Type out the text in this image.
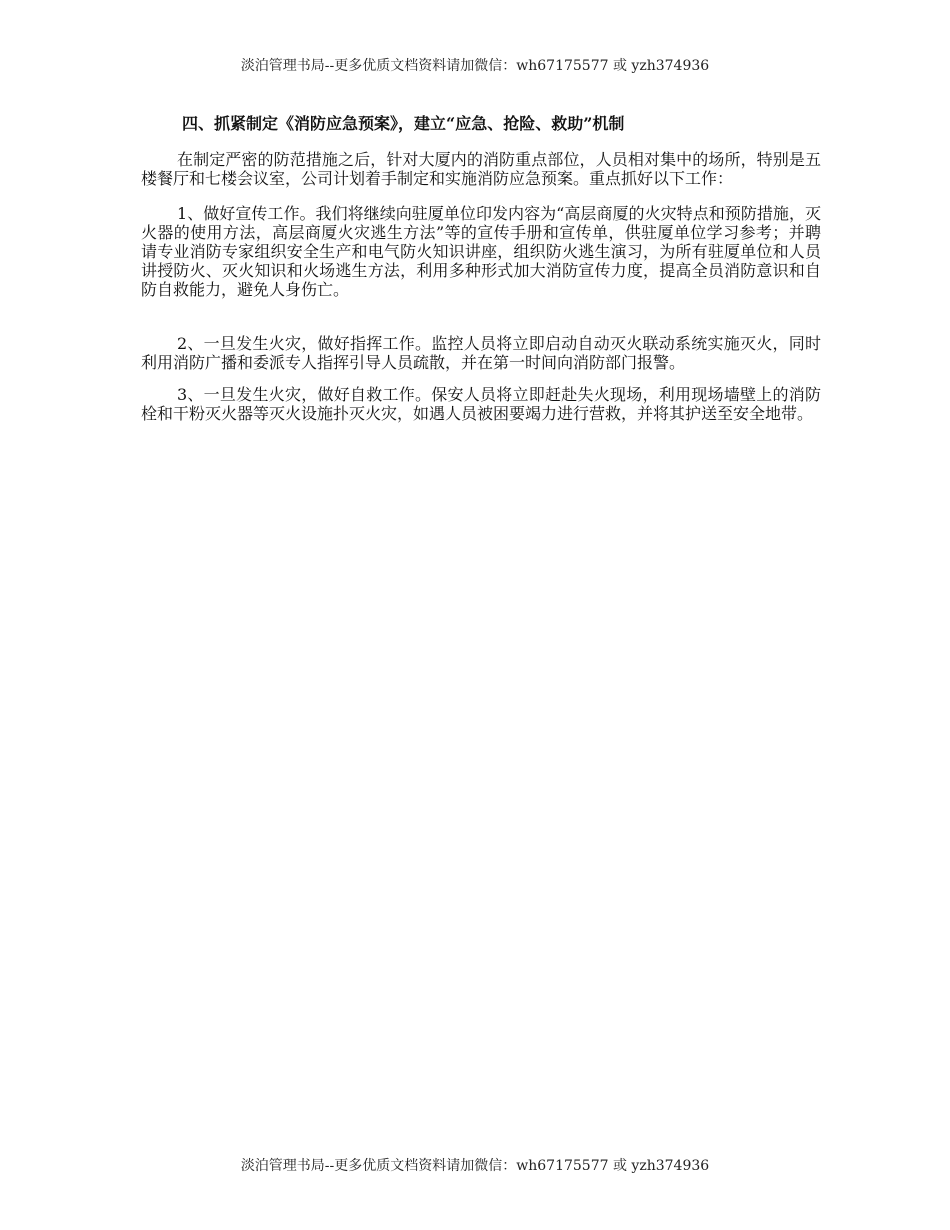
淡泊管理书局--更多优质文档资料请加微信：wh67175577 或 yzh374936
四、抓紧制定《消防应急预案》，建立“应急、抢险、救助”机制

在制定严密的防范措施之后，针对大厦内的消防重点部位，人员相对集中的场所，特别是五楼餐厅和七楼会议室，公司计划着手制定和实施消防应急预案。重点抓好以下工作：

1、做好宣传工作。我们将继续向驻厦单位印发内容为“高层商厦的火灾特点和预防措施，灭火器的使用方法，高层商厦火灾逃生方法”等的宣传手册和宣传单，供驻厦单位学习参考；并聘请专业消防专家组织安全生产和电气防火知识讲座，组织防火逃生演习，为所有驻厦单位和人员讲授防火、灭火知识和火场逃生方法，利用多种形式加大消防宣传力度，提高全员消防意识和自防自救能力，避免人身伤亡。

2、一旦发生火灾，做好指挥工作。监控人员将立即启动自动灭火联动系统实施灭火，同时利用消防广播和委派专人指挥引导人员疏散，并在第一时间向消防部门报警。

3、一旦发生火灾，做好自救工作。保安人员将立即赶赴失火现场，利用现场墙壁上的消防栓和干粉灭火器等灭火设施扑灭火灾，如遇人员被困要竭力进行营救，并将其护送至安全地带。

淡泊管理书局--更多优质文档资料请加微信：wh67175577 或 yzh374936
